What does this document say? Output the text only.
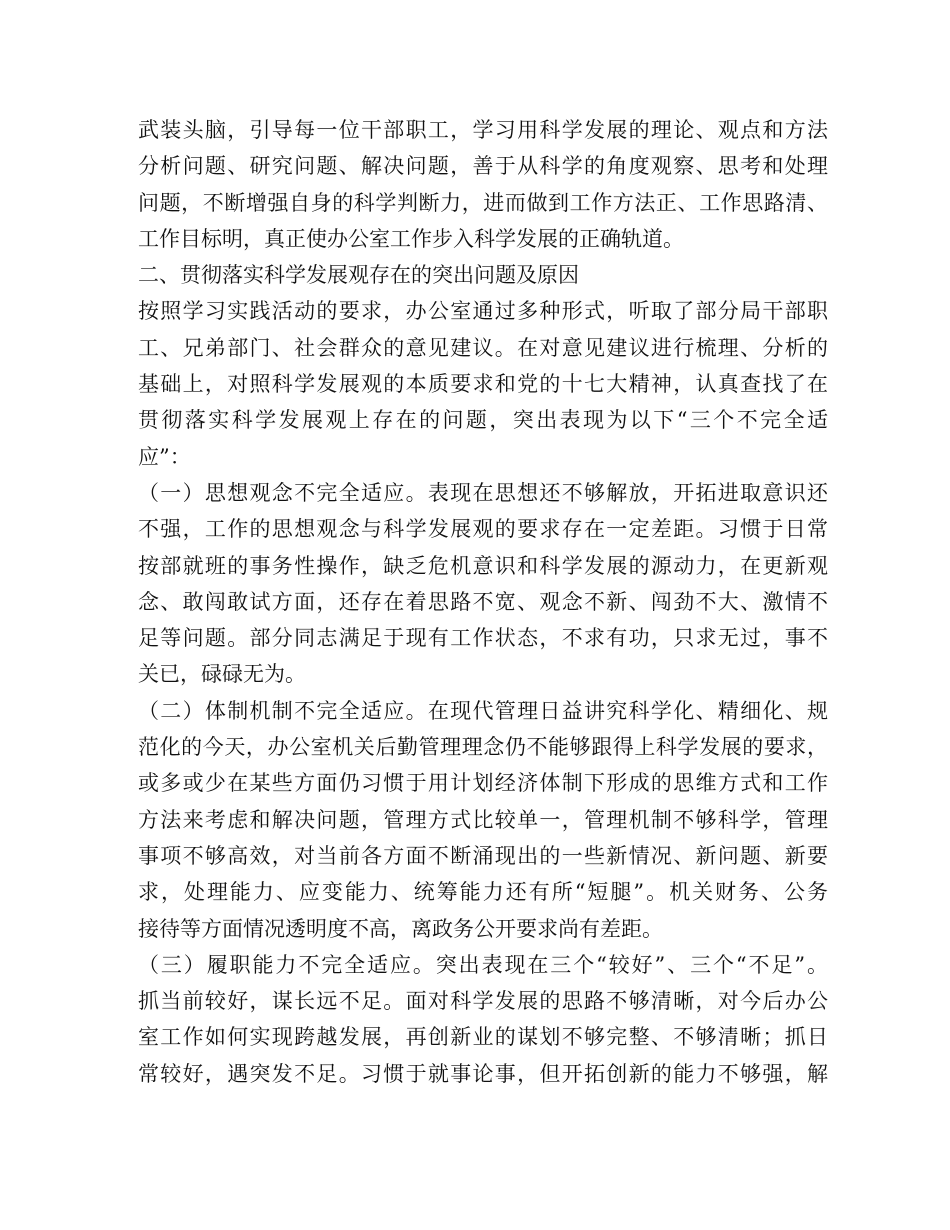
武装头脑，引导每一位干部职工，学习用科学发展的理论、观点和方法
分析问题、研究问题、解决问题，善于从科学的角度观察、思考和处理
问题，不断增强自身的科学判断力，进而做到工作方法正、工作思路清、
工作目标明，真正使办公室工作步入科学发展的正确轨道。
二、贯彻落实科学发展观存在的突出问题及原因
按照学习实践活动的要求，办公室通过多种形式，听取了部分局干部职
工、兄弟部门、社会群众的意见建议。在对意见建议进行梳理、分析的
基础上，对照科学发展观的本质要求和党的十七大精神，认真查找了在
贯彻落实科学发展观上存在的问题，突出表现为以下“三个不完全适
应”：
（一）思想观念不完全适应。表现在思想还不够解放，开拓进取意识还
不强，工作的思想观念与科学发展观的要求存在一定差距。习惯于日常
按部就班的事务性操作，缺乏危机意识和科学发展的源动力，在更新观
念、敢闯敢试方面，还存在着思路不宽、观念不新、闯劲不大、激情不
足等问题。部分同志满足于现有工作状态，不求有功，只求无过，事不
关已，碌碌无为。
（二）体制机制不完全适应。在现代管理日益讲究科学化、精细化、规
范化的今天，办公室机关后勤管理理念仍不能够跟得上科学发展的要求，
或多或少在某些方面仍习惯于用计划经济体制下形成的思维方式和工作
方法来考虑和解决问题，管理方式比较单一，管理机制不够科学，管理
事项不够高效，对当前各方面不断涌现出的一些新情况、新问题、新要
求，处理能力、应变能力、统筹能力还有所“短腿”。机关财务、公务
接待等方面情况透明度不高，离政务公开要求尚有差距。
（三）履职能力不完全适应。突出表现在三个“较好”、三个“不足”。
抓当前较好，谋长远不足。面对科学发展的思路不够清晰，对今后办公
室工作如何实现跨越发展，再创新业的谋划不够完整、不够清晰；抓日
常较好，遇突发不足。习惯于就事论事，但开拓创新的能力不够强，解
